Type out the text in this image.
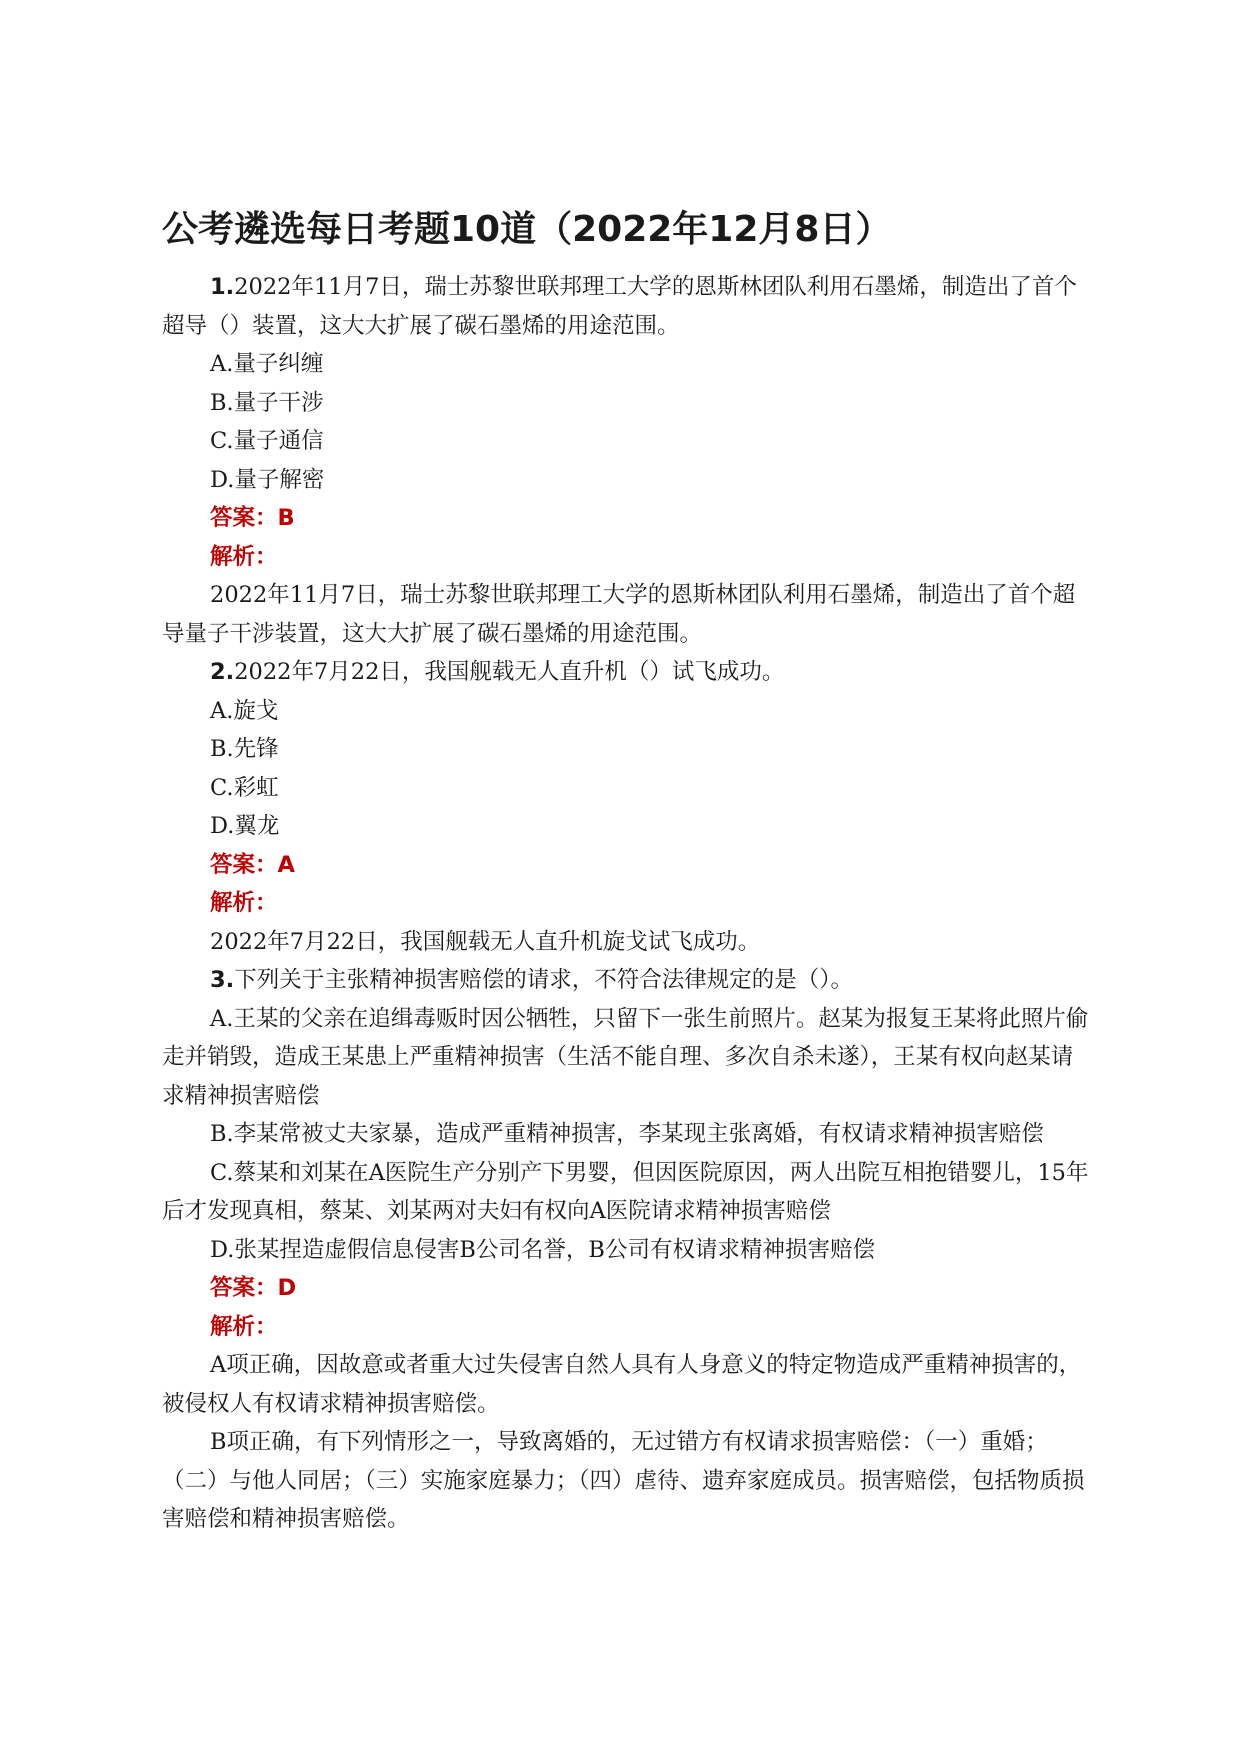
公考遴选每日考题10道（2022年12月8日）

1.2022年11月7日，瑞士苏黎世联邦理工大学的恩斯林团队利用石墨烯，制造出了首个超导（）装置，这大大扩展了碳石墨烯的用途范围。

A.量子纠缠

B.量子干涉

C.量子通信

D.量子解密

答案：B

解析：

2022年11月7日，瑞士苏黎世联邦理工大学的恩斯林团队利用石墨烯，制造出了首个超导量子干涉装置，这大大扩展了碳石墨烯的用途范围。

2.2022年7月22日，我国舰载无人直升机（）试飞成功。

A.旋戈

B.先锋

C.彩虹

D.翼龙

答案：A

解析：

2022年7月22日，我国舰载无人直升机旋戈试飞成功。

3.下列关于主张精神损害赔偿的请求，不符合法律规定的是（）。

A.王某的父亲在追缉毒贩时因公牺牲，只留下一张生前照片。赵某为报复王某将此照片偷走并销毁，造成王某患上严重精神损害（生活不能自理、多次自杀未遂），王某有权向赵某请求精神损害赔偿

B.李某常被丈夫家暴，造成严重精神损害，李某现主张离婚，有权请求精神损害赔偿

C.蔡某和刘某在A医院生产分别产下男婴，但因医院原因，两人出院互相抱错婴儿，15年后才发现真相，蔡某、刘某两对夫妇有权向A医院请求精神损害赔偿

D.张某捏造虚假信息侵害B公司名誉，B公司有权请求精神损害赔偿

答案：D

解析：

A项正确，因故意或者重大过失侵害自然人具有人身意义的特定物造成严重精神损害的，被侵权人有权请求精神损害赔偿。

B项正确，有下列情形之一，导致离婚的，无过错方有权请求损害赔偿：（一）重婚；（二）与他人同居；（三）实施家庭暴力；（四）虐待、遗弃家庭成员。损害赔偿，包括物质损害赔偿和精神损害赔偿。
